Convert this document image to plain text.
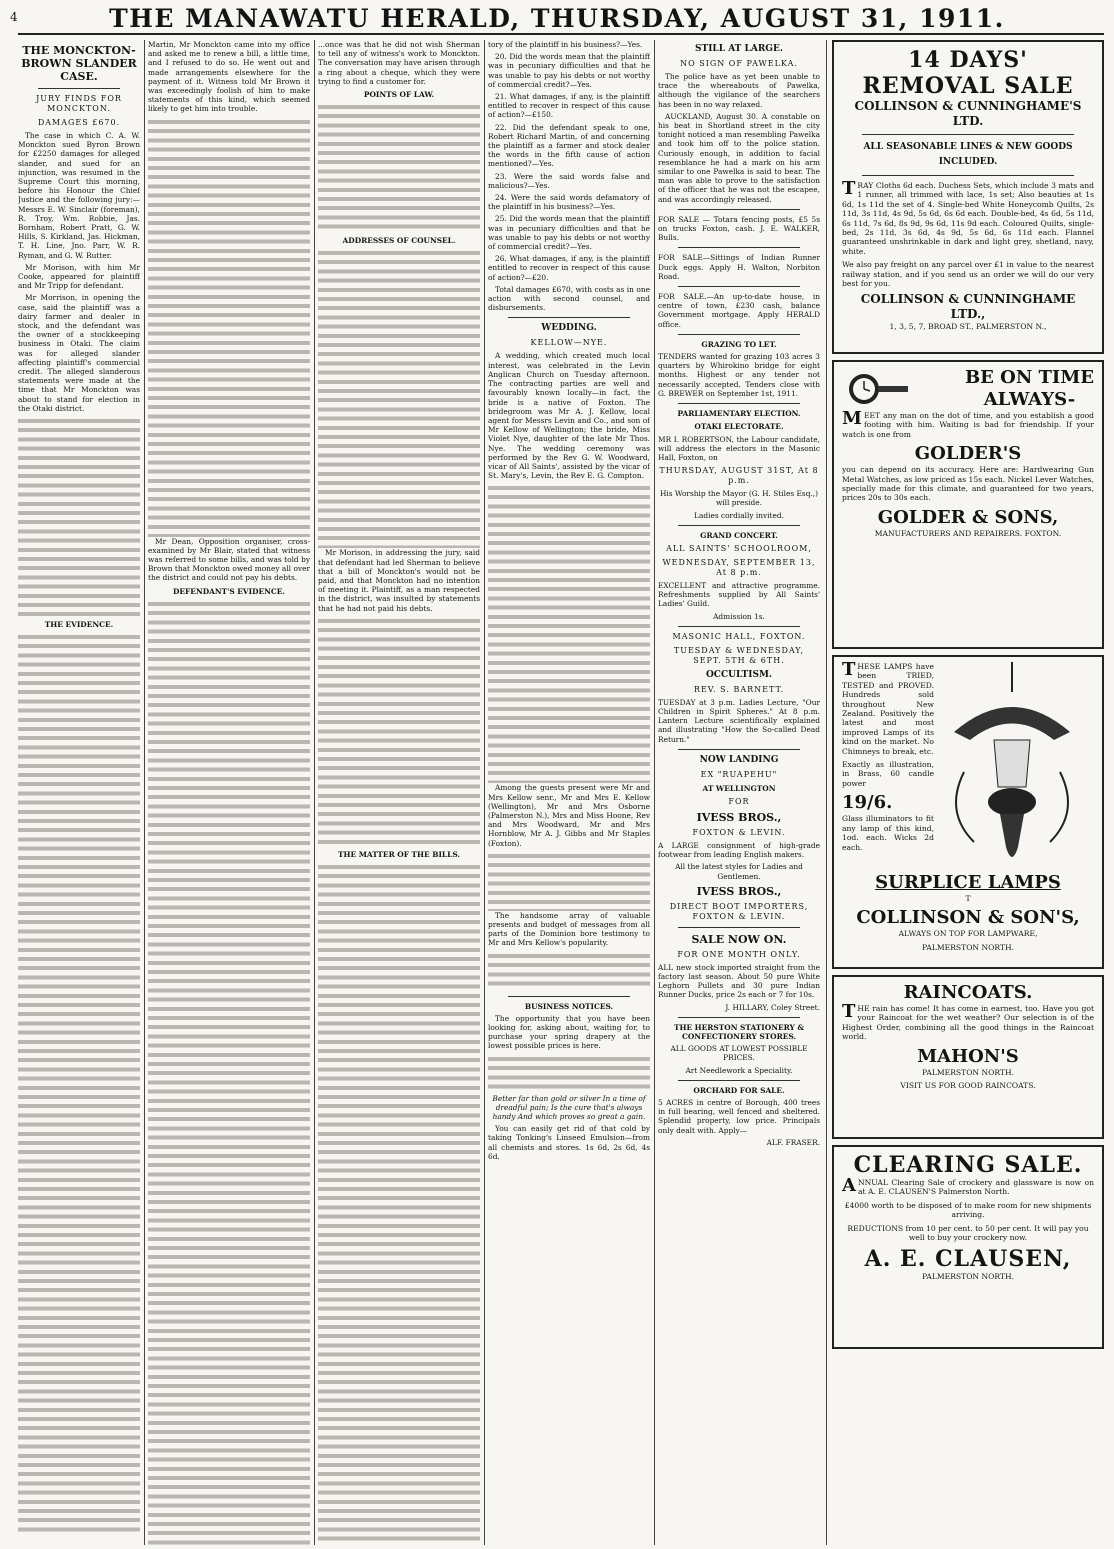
4	THE MANAWATU HERALD, THURSDAY, AUGUST 31, 1911.
THE MONCKTON-BROWN SLANDER CASE.
JURY FINDS FOR MONCKTON.
DAMAGES £670.

The case in which C. A. W. Monckton sued Byron Brown for £2250 damages for alleged slander, and sued for an injunction, was resumed in the Supreme Court this morning, before his Honour the Chief Justice and the following jury:— Messrs E. W. Sinclair (foreman), R. Troy, Wm. Robbie, Jas. Bornham, Robert Pratt, G. W. Hills, S. Kirkland, Jas. Hickman, T. H. Line, Jno. Parr, W. R. Ryman, and G. W. Rutter.

Mr Morison, with him Mr Cooke, appeared for plaintiff and Mr Tripp for defendant.

Mr Morrison, in opening the case, said the plaintiff was a dairy farmer and dealer in stock, and the defendant was the owner of a stockkeeping business in Otaki. The claim was for alleged slander affecting plaintiff's commercial credit. The alleged slanderous statements were made at the time that Mr Monckton was about to stand for election in the Otaki district.

THE EVIDENCE.

Martin, Mr Monckton came into my office and asked me to renew a bill, a little time, and I refused to do so. He went out and made arrangements elsewhere for the payment of it. Witness told Mr Brown it was exceedingly foolish of him to make statements of this kind, which seemed likely to get him into trouble.

Mr Dean, Opposition organiser, cross-examined by Mr Blair, stated that witness was referred to some bills, and was told by Brown that Monckton owed money all over the district and could not pay his debts.

DEFENDANT'S EVIDENCE.

...once was that he did not wish Sherman to tell any of witness's work to Monckton. The conversation may have arisen through a ring about a cheque, which they were trying to find a customer for.

POINTS OF LAW.
ADDRESSES OF COUNSEL.

Mr Morison, in addressing the jury, said that defendant had led Sherman to believe that a bill of Monckton's would not be paid, and that Monckton had no intention of meeting it. Plaintiff, as a man respected in the district, was insulted by statements that he had not paid his debts.

THE MATTER OF THE BILLS.

tory of the plaintiff in his business?—Yes.

20. Did the words mean that the plaintiff was in pecuniary difficulties and that he was unable to pay his debts or not worthy of commercial credit?—Yes.

21. What damages, if any, is the plaintiff entitled to recover in respect of this cause of action?—£150.

22. Did the defendant speak to one, Robert Richard Martin, of and concerning the plaintiff as a farmer and stock dealer the words in the fifth cause of action mentioned?—Yes.

23. Were the said words false and malicious?—Yes.

24. Were the said words defamatory of the plaintiff in his business?—Yes.

25. Did the words mean that the plaintiff was in pecuniary difficulties and that he was unable to pay his debts or not worthy of commercial credit?—Yes.

26. What damages, if any, is the plaintiff entitled to recover in respect of this cause of action?—£20.

Total damages £670, with costs as in one action with second counsel, and disbursements.

WEDDING.
KELLOW—NYE.

A wedding, which created much local interest, was celebrated in the Levin Anglican Church on Tuesday afternoon. The contracting parties are well and favourably known locally—in fact, the bride is a native of Foxton. The bridegroom was Mr A. J. Kellow, local agent for Messrs Levin and Co., and son of Mr Kellow of Wellington; the bride, Miss Violet Nye, daughter of the late Mr Thos. Nye. The wedding ceremony was performed by the Rev G. W. Woodward, vicar of All Saints', assisted by the vicar of St. Mary's, Levin, the Rev E. G. Compton.

Among the guests present were Mr and Mrs Kellow senr., Mr and Mrs E. Kellow (Wellington), Mr and Mrs Osborne (Palmerston N.), Mrs and Miss Hoone, Rev and Mrs Woodward, Mr and Mrs Hornblow, Mr A. J. Gibbs and Mr Staples (Foxton).

The handsome array of valuable presents and budget of messages from all parts of the Dominion bore testimony to Mr and Mrs Kellow's popularity.

BUSINESS NOTICES.

The opportunity that you have been looking for, asking about, waiting for, to purchase your spring drapery at the lowest possible prices is here.

Better far than gold or silver In a time of dreadful pain; Is the cure that's always handy And which proves so great a gain.

You can easily get rid of that cold by taking Tonking's Linseed Emulsion—from all chemists and stores. 1s 6d, 2s 6d, 4s 6d.

STILL AT LARGE.
NO SIGN OF PAWELKA.

The police have as yet been unable to trace the whereabouts of Pawelka, although the vigilance of the searchers has been in no way relaxed.

AUCKLAND, August 30. A constable on his beat in Shortland street in the city tonight noticed a man resembling Pawelka and took him off to the police station. Curiously enough, in addition to facial resemblance he had a mark on his arm similar to one Pawelka is said to bear. The man was able to prove to the satisfaction of the officer that he was not the escapee, and was accordingly released.

FOR SALE — Totara fencing posts, £5 5s on trucks Foxton, cash. J. E. WALKER, Bulls.

FOR SALE—Sittings of Indian Runner Duck eggs. Apply H. Walton, Norbiton Road.

FOR SALE.—An up-to-date house, in centre of town, £230 cash, balance Government mortgage. Apply HERALD office.

GRAZING TO LET.

TENDERS wanted for grazing 103 acres 3 quarters by Whirokino bridge for eight months. Highest or any tender not necessarily accepted. Tenders close with G. BREWER on September 1st, 1911.

PARLIAMENTARY ELECTION.
OTAKI ELECTORATE.

MR I. ROBERTSON, the Labour candidate, will address the electors in the Masonic Hall, Foxton, on

THURSDAY, AUGUST 31ST, At 8 p.m.

His Worship the Mayor (G. H. Stiles Esq.,) will preside.

Ladies cordially invited.

GRAND CONCERT.
ALL SAINTS' SCHOOLROOM,
WEDNESDAY, SEPTEMBER 13, At 8 p.m.

EXCELLENT and attractive programme. Refreshments supplied by All Saints' Ladies' Guild.

Admission 1s.

MASONIC HALL, FOXTON.
TUESDAY & WEDNESDAY, SEPT. 5TH & 6TH.
OCCULTISM.
REV. S. BARNETT.

TUESDAY at 3 p.m. Ladies Lecture, "Our Children in Spirit Spheres." At 8 p.m. Lantern Lecture scientifically explained and illustrating "How the So-called Dead Return."

NOW LANDING
EX "RUAPEHU"
AT WELLINGTON
FOR
IVESS BROS.,
FOXTON & LEVIN.

A LARGE consignment of high-grade footwear from leading English makers.

All the latest styles for Ladies and Gentlemen.

IVESS BROS.,
DIRECT BOOT IMPORTERS, FOXTON & LEVIN.
SALE NOW ON.
FOR ONE MONTH ONLY.

ALL new stock imported straight from the factory last season. About 50 pure White Leghorn Pullets and 30 pure Indian Runner Ducks, price 2s each or 7 for 10s.

J. HILLARY, Coley Street.

THE HERSTON STATIONERY & CONFECTIONERY STORES.

ALL GOODS AT LOWEST POSSIBLE PRICES.

Art Needlework a Speciality.

ORCHARD FOR SALE.

5 ACRES in centre of Borough, 400 trees in full bearing, well fenced and sheltered. Splendid property, low price. Principals only dealt with. Apply—

ALF. FRASER.

14 DAYS' REMOVAL SALE
COLLINSON & CUNNINGHAME'S LTD.
ALL SEASONABLE LINES & NEW GOODS INCLUDED.

TRAY Cloths 6d each. Duchess Sets, which include 3 mats and 1 runner, all trimmed with lace, 1s set; Also beauties at 1s 6d, 1s 11d the set of 4. Single-bed White Honeycomb Quilts, 2s 11d, 3s 11d, 4s 9d, 5s 6d, 6s 6d each. Double-bed, 4s 6d, 5s 11d, 6s 11d, 7s 6d, 8s 9d, 9s 6d, 11s 9d each. Coloured Quilts, single-bed, 2s 11d, 3s 6d, 4s 9d, 5s 6d, 6s 11d each. Flannel guaranteed unshrinkable in dark and light grey, shetland, navy, white.

We also pay freight on any parcel over £1 in value to the nearest railway station, and if you send us an order we will do our very best for you.

COLLINSON & CUNNINGHAME LTD.,

1, 3, 5, 7, BROAD ST., PALMERSTON N.,

BE ON TIME
ALWAYS-

MEET any man on the dot of time, and you establish a good footing with him. Waiting is bad for friendship. If your watch is one from

GOLDER'S

you can depend on its accuracy. Here are: Hardwearing Gun Metal Watches, as low priced as 15s each. Nickel Lever Watches, specially made for this climate, and guaranteed for two years, prices 20s to 30s each.

GOLDER & SONS,

MANUFACTURERS AND REPAIRERS. FOXTON.

THESE LAMPS have been TRIED, TESTED and PROVED. Hundreds sold throughout New Zealand. Positively the latest and most improved Lamps of its kind on the market. No Chimneys to break, etc.

Exactly as illustration, in Brass, 60 candle power

19/6.

Glass illuminators to fit any lamp of this kind, 1od. each. Wicks 2d each.

SURPLICE LAMPS

T

COLLINSON & SON'S,

ALWAYS ON TOP FOR LAMPWARE,

PALMERSTON NORTH.

RAINCOATS.

THE rain has come! It has come in earnest, too. Have you got your Raincoat for the wet weather? Our selection is of the Highest Order, combining all the good things in the Raincoat world.

MAHON'S

PALMERSTON NORTH.

VISIT US FOR GOOD RAINCOATS.

CLEARING SALE.

ANNUAL Clearing Sale of crockery and glassware is now on at A. E. CLAUSEN'S Palmerston North.

£4000 worth to be disposed of to make room for new shipments arriving.

REDUCTIONS from 10 per cent. to 50 per cent. It will pay you well to buy your crockery now.

A. E. CLAUSEN,

PALMERSTON NORTH.
